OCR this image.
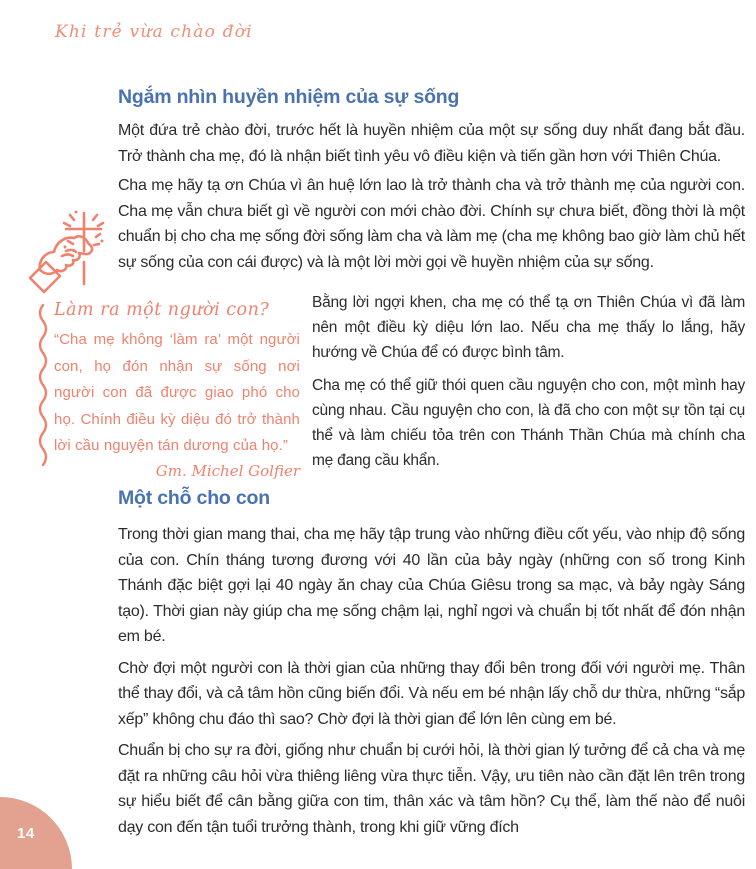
Khi trẻ vừa chào đời
Ngắm nhìn huyền nhiệm của sự sống

Một đứa trẻ chào đời, trước hết là huyền nhiệm của một sự sống duy nhất đang bắt đầu. Trở thành cha mẹ, đó là nhận biết tình yêu vô điều kiện và tiến gần hơn với Thiên Chúa.

Cha mẹ hãy tạ ơn Chúa vì ân huệ lớn lao là trở thành cha và trở thành mẹ của người con. Cha mẹ vẫn chưa biết gì về người con mới chào đời. Chính sự chưa biết, đồng thời là một chuẩn bị cho cha mẹ sống đời sống làm cha và làm mẹ (cha mẹ không bao giờ làm chủ hết sự sống của con cái được) và là một lời mời gọi về huyền nhiệm của sự sống.

Làm ra một người con?
“Cha mẹ không ‘làm ra’ một người con, họ đón nhận sự sống nơi người con đã được giao phó cho họ. Chính điều kỳ diệu đó trở thành lời cầu nguyện tán dương của họ.”
Gm. Michel Golfier

Bằng lời ngợi khen, cha mẹ có thể tạ ơn Thiên Chúa vì đã làm nên một điều kỳ diệu lớn lao. Nếu cha mẹ thấy lo lắng, hãy hướng về Chúa để có được bình tâm.

Cha mẹ có thể giữ thói quen cầu nguyện cho con, một mình hay cùng nhau. Cầu nguyện cho con, là đã cho con một sự tồn tại cụ thể và làm chiếu tỏa trên con Thánh Thần Chúa mà chính cha mẹ đang cầu khẩn.

Một chỗ cho con

Trong thời gian mang thai, cha mẹ hãy tập trung vào những điều cốt yếu, vào nhịp độ sống của con. Chín tháng tương đương với 40 lần của bảy ngày (những con số trong Kinh Thánh đặc biệt gợi lại 40 ngày ăn chay của Chúa Giêsu trong sa mạc, và bảy ngày Sáng tạo). Thời gian này giúp cha mẹ sống chậm lại, nghỉ ngơi và chuẩn bị tốt nhất để đón nhận em bé.

Chờ đợi một người con là thời gian của những thay đổi bên trong đối với người mẹ. Thân thể thay đổi, và cả tâm hồn cũng biến đổi. Và nếu em bé nhận lấy chỗ dư thừa, những “sắp xếp” không chu đáo thì sao? Chờ đợi là thời gian để lớn lên cùng em bé.

Chuẩn bị cho sự ra đời, giống như chuẩn bị cưới hỏi, là thời gian lý tưởng để cả cha và mẹ đặt ra những câu hỏi vừa thiêng liêng vừa thực tiễn. Vậy, ưu tiên nào cần đặt lên trên trong sự hiểu biết để cân bằng giữa con tim, thân xác và tâm hồn? Cụ thể, làm thế nào để nuôi dạy con đến tận tuổi trưởng thành, trong khi giữ vững đích

14
